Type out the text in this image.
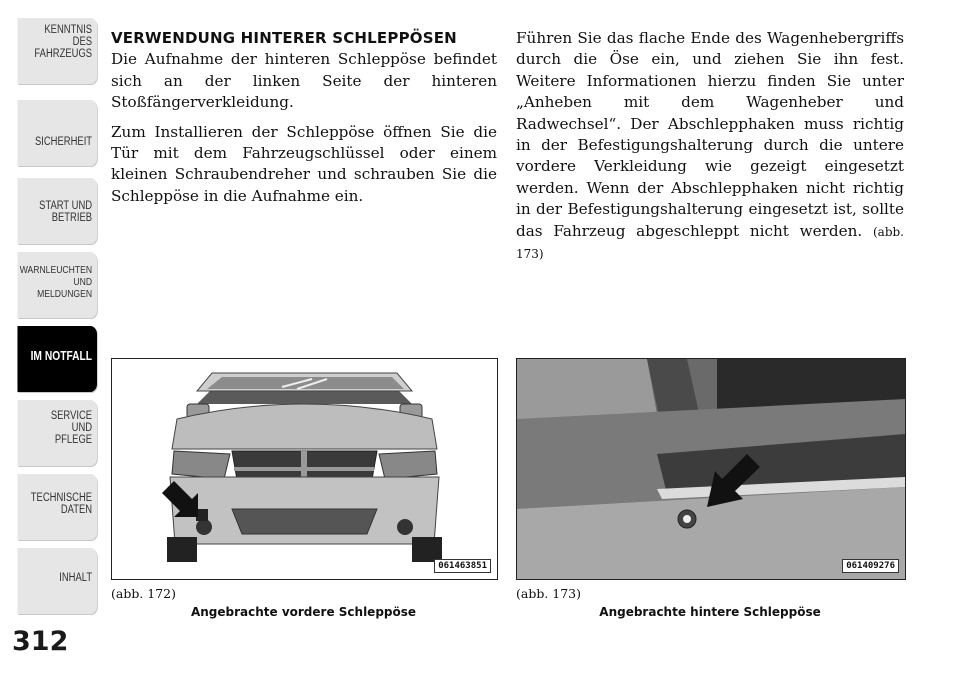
KENNTNIS
DES
FAHRZEUGS
SICHERHEIT
START UND
BETRIEB
WARNLEUCHTEN
UND
MELDUNGEN
IM NOTFALL
SERVICE
UND
PFLEGE
TECHNISCHE
DATEN
INHALT
312
VERWENDUNG HINTERER SCHLEPPÖSEN

Die Aufnahme der hinteren Schleppöse befindet sich an der linken Seite der hinteren Stoßfängerverkleidung.

Zum Installieren der Schleppöse öffnen Sie die Tür mit dem Fahrzeugschlüssel oder einem kleinen Schraubendreher und schrauben Sie die Schleppöse in die Aufnahme ein.

Führen Sie das flache Ende des Wagenhebergriffs durch die Öse ein, und ziehen Sie ihn fest. Weitere Informationen hierzu finden Sie unter „Anheben mit dem Wagenheber und Radwechsel“. Der Abschlepphaken muss richtig in der Befestigungshalterung durch die untere vordere Verkleidung wie gezeigt eingesetzt werden. Wenn der Abschlepphaken nicht richtig in der Befestigungshalterung eingesetzt ist, sollte das Fahrzeug abgeschleppt nicht werden. (abb. 173)

061463851
(abb. 172)
Angebrachte vordere Schleppöse
061409276
(abb. 173)
Angebrachte hintere Schleppöse
